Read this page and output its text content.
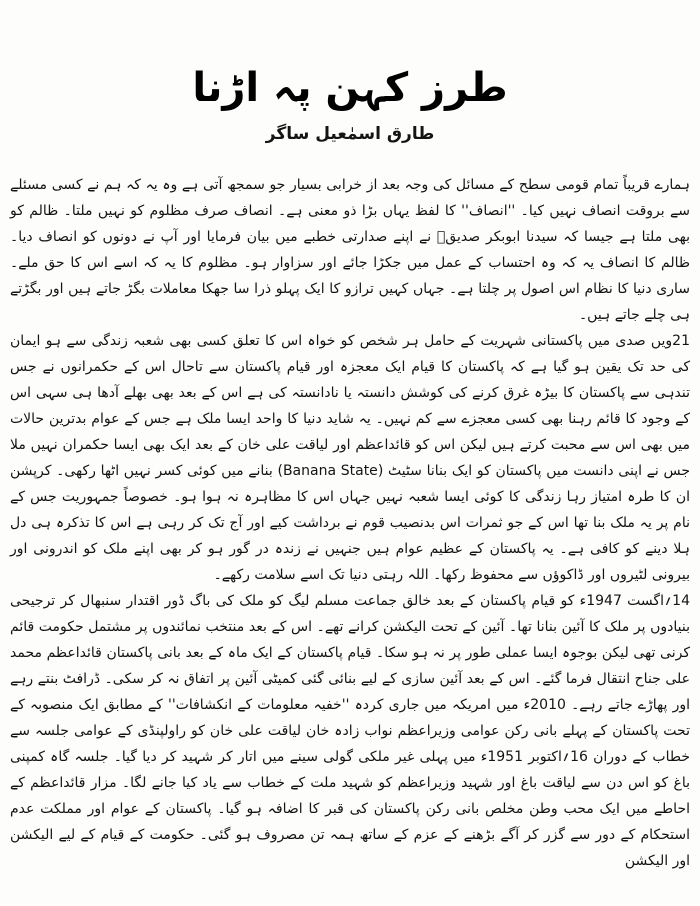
طرز کہن پہ اڑنا
طارق اسمٰعیل ساگر

ہمارے قریباً تمام قومی سطح کے مسائل کی وجہ بعد از خرابی بسیار جو سمجھ آتی ہے وہ یہ کہ ہم نے کسی مسئلے سے بروقت انصاف نہیں کیا۔ ''انصاف'' کا لفظ یہاں بڑا ذو معنی ہے۔ انصاف صرف مظلوم کو نہیں ملتا۔ ظالم کو بھی ملتا ہے جیسا کہ سیدنا ابوبکر صدیقؓ نے اپنے صدارتی خطبے میں بیان فرمایا اور آپ نے دونوں کو انصاف دیا۔ ظالم کا انصاف یہ کہ وہ احتساب کے عمل میں جکڑا جائے اور سزاوار ہو۔ مظلوم کا یہ کہ اسے اس کا حق ملے۔ ساری دنیا کا نظام اس اصول پر چلتا ہے۔ جہاں کہیں ترازو کا ایک پہلو ذرا سا جھکا معاملات بگڑ جاتے ہیں اور بگڑتے ہی چلے جاتے ہیں۔

21ویں صدی میں پاکستانی شہریت کے حامل ہر شخص کو خواہ اس کا تعلق کسی بھی شعبہ زندگی سے ہو ایمان کی حد تک یقین ہو گیا ہے کہ پاکستان کا قیام ایک معجزہ اور قیام پاکستان سے تاحال اس کے حکمرانوں نے جس تندہی سے پاکستان کا بیڑہ غرق کرنے کی کوشش دانستہ یا نادانستہ کی ہے اس کے بعد بھی بھلے آدھا ہی سہی اس کے وجود کا قائم رہنا بھی کسی معجزے سے کم نہیں۔ یہ شاید دنیا کا واحد ایسا ملک ہے جس کے عوام بدترین حالات میں بھی اس سے محبت کرتے ہیں لیکن اس کو قائداعظم اور لیاقت علی خان کے بعد ایک بھی ایسا حکمران نہیں ملا جس نے اپنی دانست میں پاکستان کو ایک بنانا سٹیٹ (Banana State) بنانے میں کوئی کسر نہیں اٹھا رکھی۔ کرپشن ان کا طرہ امتیاز رہا زندگی کا کوئی ایسا شعبہ نہیں جہاں اس کا مظاہرہ نہ ہوا ہو۔ خصوصاً جمہوریت جس کے نام پر یہ ملک بنا تھا اس کے جو ثمرات اس بدنصیب قوم نے برداشت کیے اور آج تک کر رہی ہے اس کا تذکرہ ہی دل ہلا دینے کو کافی ہے۔ یہ پاکستان کے عظیم عوام ہیں جنہیں نے زندہ در گور ہو کر بھی اپنے ملک کو اندرونی اور بیرونی لٹیروں اور ڈاکوؤں سے محفوظ رکھا۔ اللہ رہتی دنیا تک اسے سلامت رکھے۔

14؍اگست 1947ء کو قیام پاکستان کے بعد خالق جماعت مسلم لیگ کو ملک کی باگ ڈور اقتدار سنبھال کر ترجیحی بنیادوں پر ملک کا آئین بنانا تھا۔ آئین کے تحت الیکشن کرانے تھے۔ اس کے بعد منتخب نمائندوں پر مشتمل حکومت قائم کرنی تھی لیکن بوجوہ ایسا عملی طور پر نہ ہو سکا۔ قیام پاکستان کے ایک ماہ کے بعد بانی پاکستان قائداعظم محمد علی جناح انتقال فرما گئے۔ اس کے بعد آئین سازی کے لیے بنائی گئی کمیٹی آئین پر اتفاق نہ کر سکی۔ ڈرافٹ بنتے رہے اور پھاڑے جاتے رہے۔ 2010ء میں امریکہ میں جاری کردہ ''خفیہ معلومات کے انکشافات'' کے مطابق ایک منصوبہ کے تحت پاکستان کے پہلے بانی رکن عوامی وزیراعظم نواب زادہ خان لیاقت علی خان کو راولپنڈی کے عوامی جلسہ سے خطاب کے دوران 16؍اکتوبر 1951ء میں پہلی غیر ملکی گولی سینے میں اتار کر شہید کر دیا گیا۔ جلسہ گاہ کمپنی باغ کو اس دن سے لیاقت باغ اور شہید وزیراعظم کو شہید ملت کے خطاب سے یاد کیا جانے لگا۔ مزار قائداعظم کے احاطے میں ایک محب وطن مخلص بانی رکن پاکستان کی قبر کا اضافہ ہو گیا۔ پاکستان کے عوام اور مملکت عدم استحکام کے دور سے گزر کر آگے بڑھنے کے عزم کے ساتھ ہمہ تن مصروف ہو گئی۔ حکومت کے قیام کے لیے الیکشن اور الیکشن
